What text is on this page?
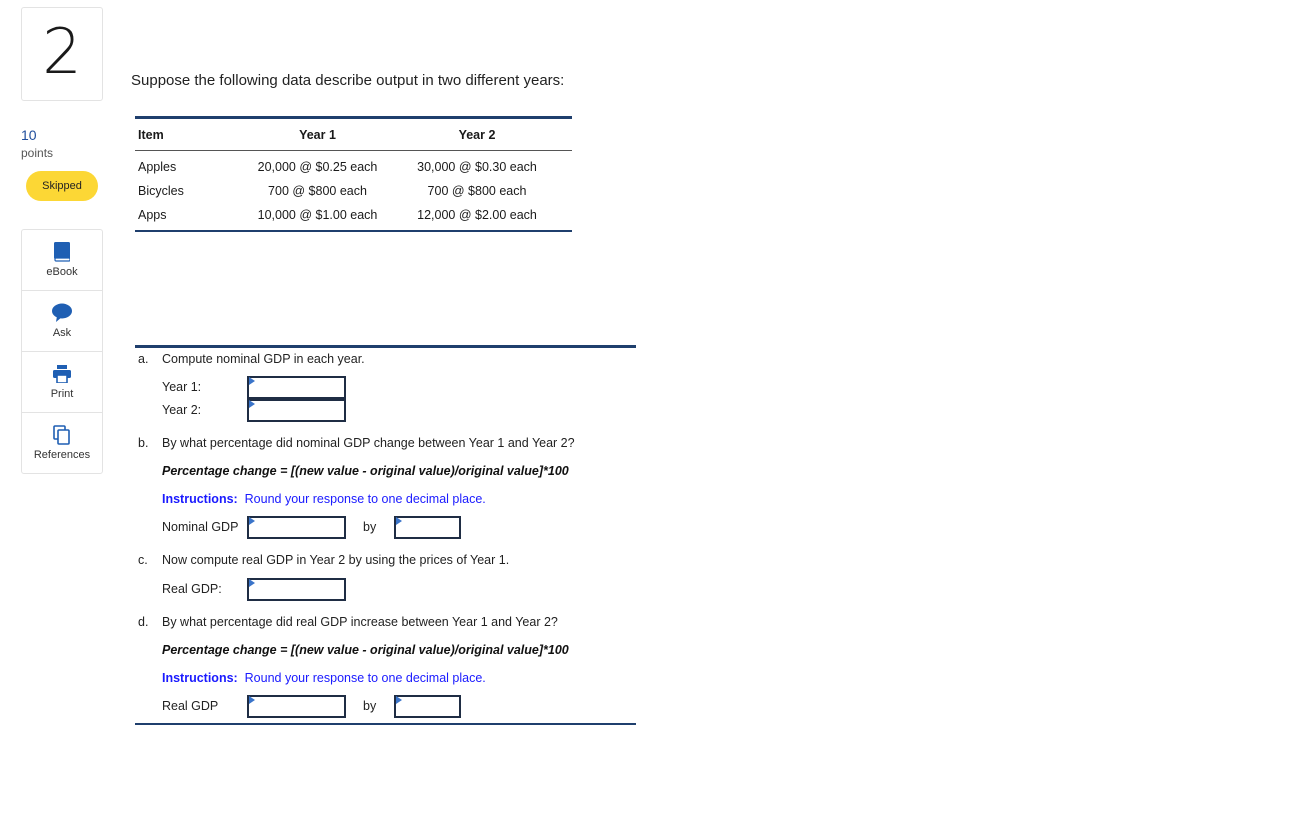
2
10
points
Skipped
eBook
Ask
Print
References
Suppose the following data describe output in two different years:
Item	Year 1	Year 2
Apples	20,000 @ $0.25 each	30,000 @ $0.30 each
Bicycles	700 @ $800 each	700 @ $800 each
Apps	10,000 @ $1.00 each	12,000 @ $2.00 each
a. Compute nominal GDP in each year.
Year 1:
Year 2:
b. By what percentage did nominal GDP change between Year 1 and Year 2?
Percentage change = [(new value - original value)/original value]*100
Instructions: Round your response to one decimal place.
Nominal GDP	by
c. Now compute real GDP in Year 2 by using the prices of Year 1.
Real GDP:
d. By what percentage did real GDP increase between Year 1 and Year 2?
Percentage change = [(new value - original value)/original value]*100
Instructions: Round your response to one decimal place.
Real GDP	by
